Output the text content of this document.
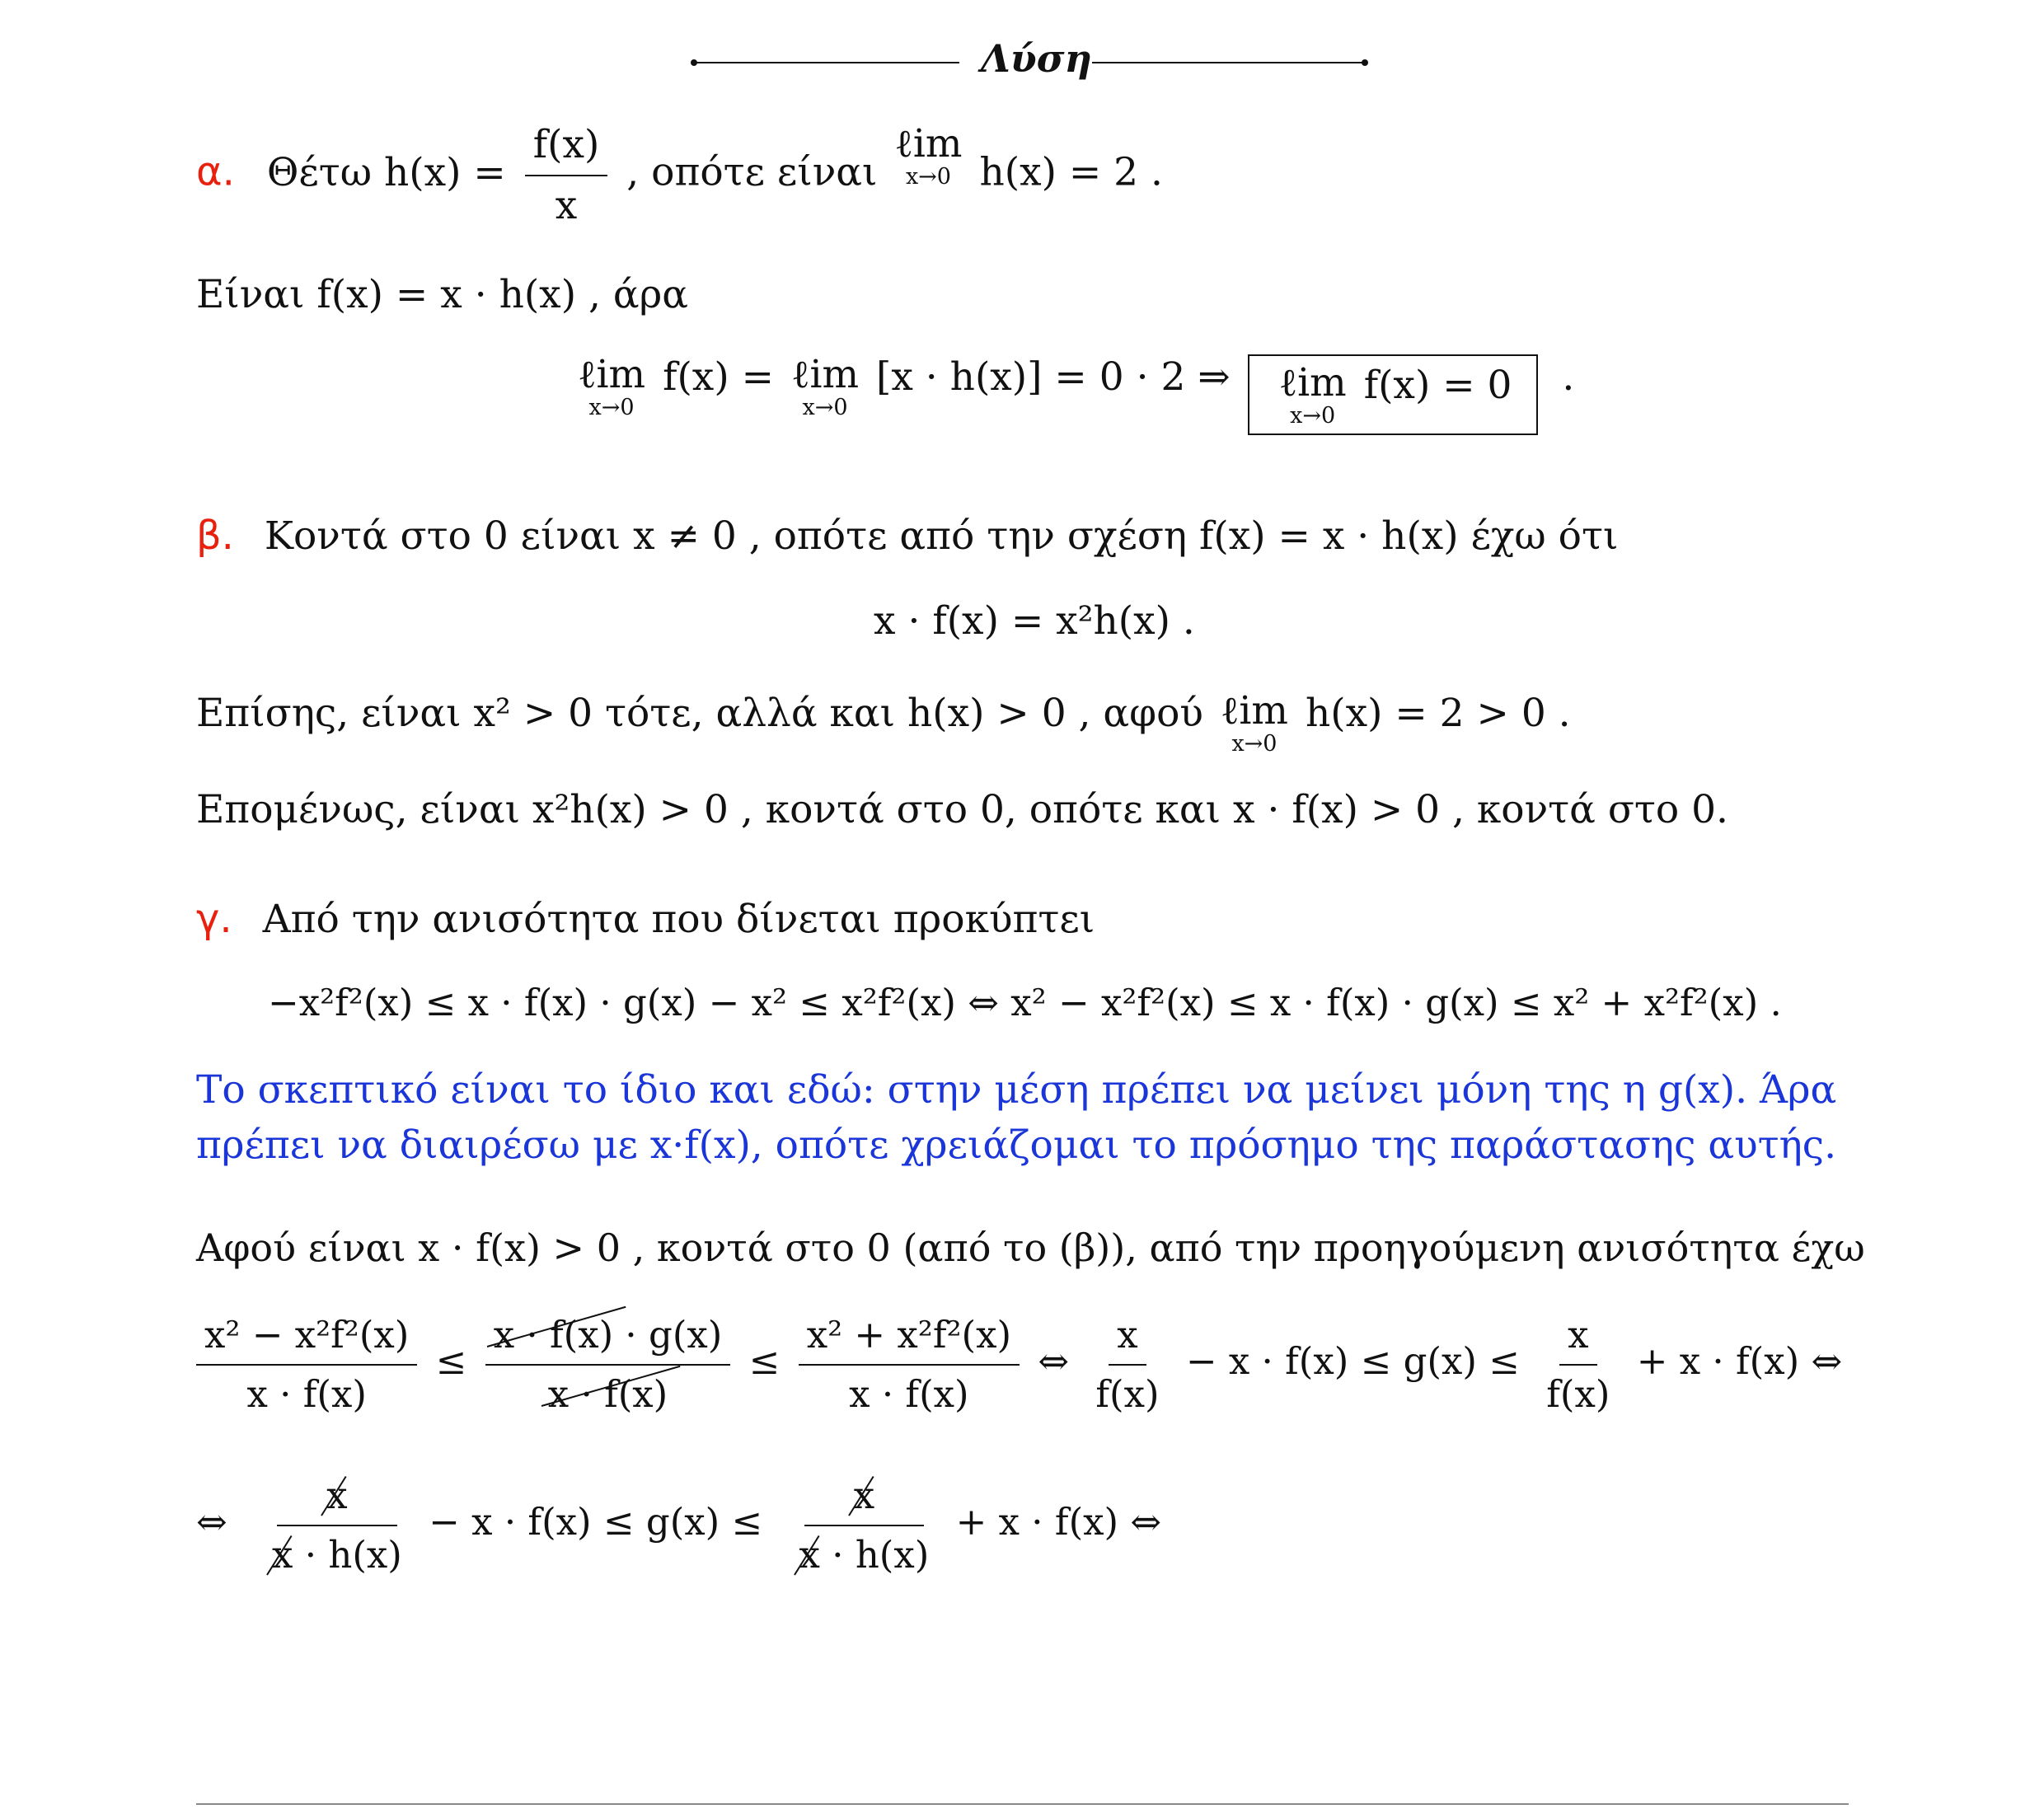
Λύση
α. Θέτω $h(x) = \frac{f(x)}{x}$ , οπότε είναι
ℓim
x→0 h(x) = 2 .
Είναι f(x) = x · h(x) , άρα
ℓim
x→0
f(x) = ℓim
x→0
[x · h(x)] = 0 · 2 ⇒ ℓim
x→0
f(x) = 0 .
β. Κοντά στο 0 είναι x ≠ 0 , οπότε από την σχέση f(x) = x · h(x) έχω ότι
x · f(x) = x²h(x) .
Επίσης, είναι x² > 0 τότε, αλλά και h(x) > 0 , αφού ℓim
x→0
h(x) = 2 > 0 .
Επομένως, είναι x²h(x) > 0 , κοντά στο 0, οπότε και x · f(x) > 0 , κοντά στο 0.
γ. Από την ανισότητα που δίνεται προκύπτει
−x²f²(x) ≤ x · f(x) · g(x) − x² ≤ x²f²(x) ⇔ x² − x²f²(x) ≤ x · f(x) · g(x) ≤ x² + x²f²(x) .
Το σκεπτικό είναι το ίδιο και εδώ: στην μέση πρέπει να μείνει μόνη της η g(x). Άρα
πρέπει να διαιρέσω με x·f(x), οπότε χρειάζομαι το πρόσημο της παράστασης αυτής.
Αφού είναι x · f(x) > 0 , κοντά στο 0 (από το (β)), από την προηγούμενη ανισότητα έχω
$\frac{\text{x² − x²f²(x)}}{x \cdot f(x)} \le x \cdot f(x)$
· g(x)
$x \cdot f(x) \le \frac{\text{x² + x²f²(x)}}{x \cdot f(x)}$ ⇔ $\frac{x}{f(x)} - x \cdot f(x) \le g(x) \le \frac{x}{f(x)} + x \cdot f(x)$ ⇔
⇔ x
x
· h(x) − x · f(x) ≤ g(x) ≤ x
x
· h(x) + x · f(x) ⇔
